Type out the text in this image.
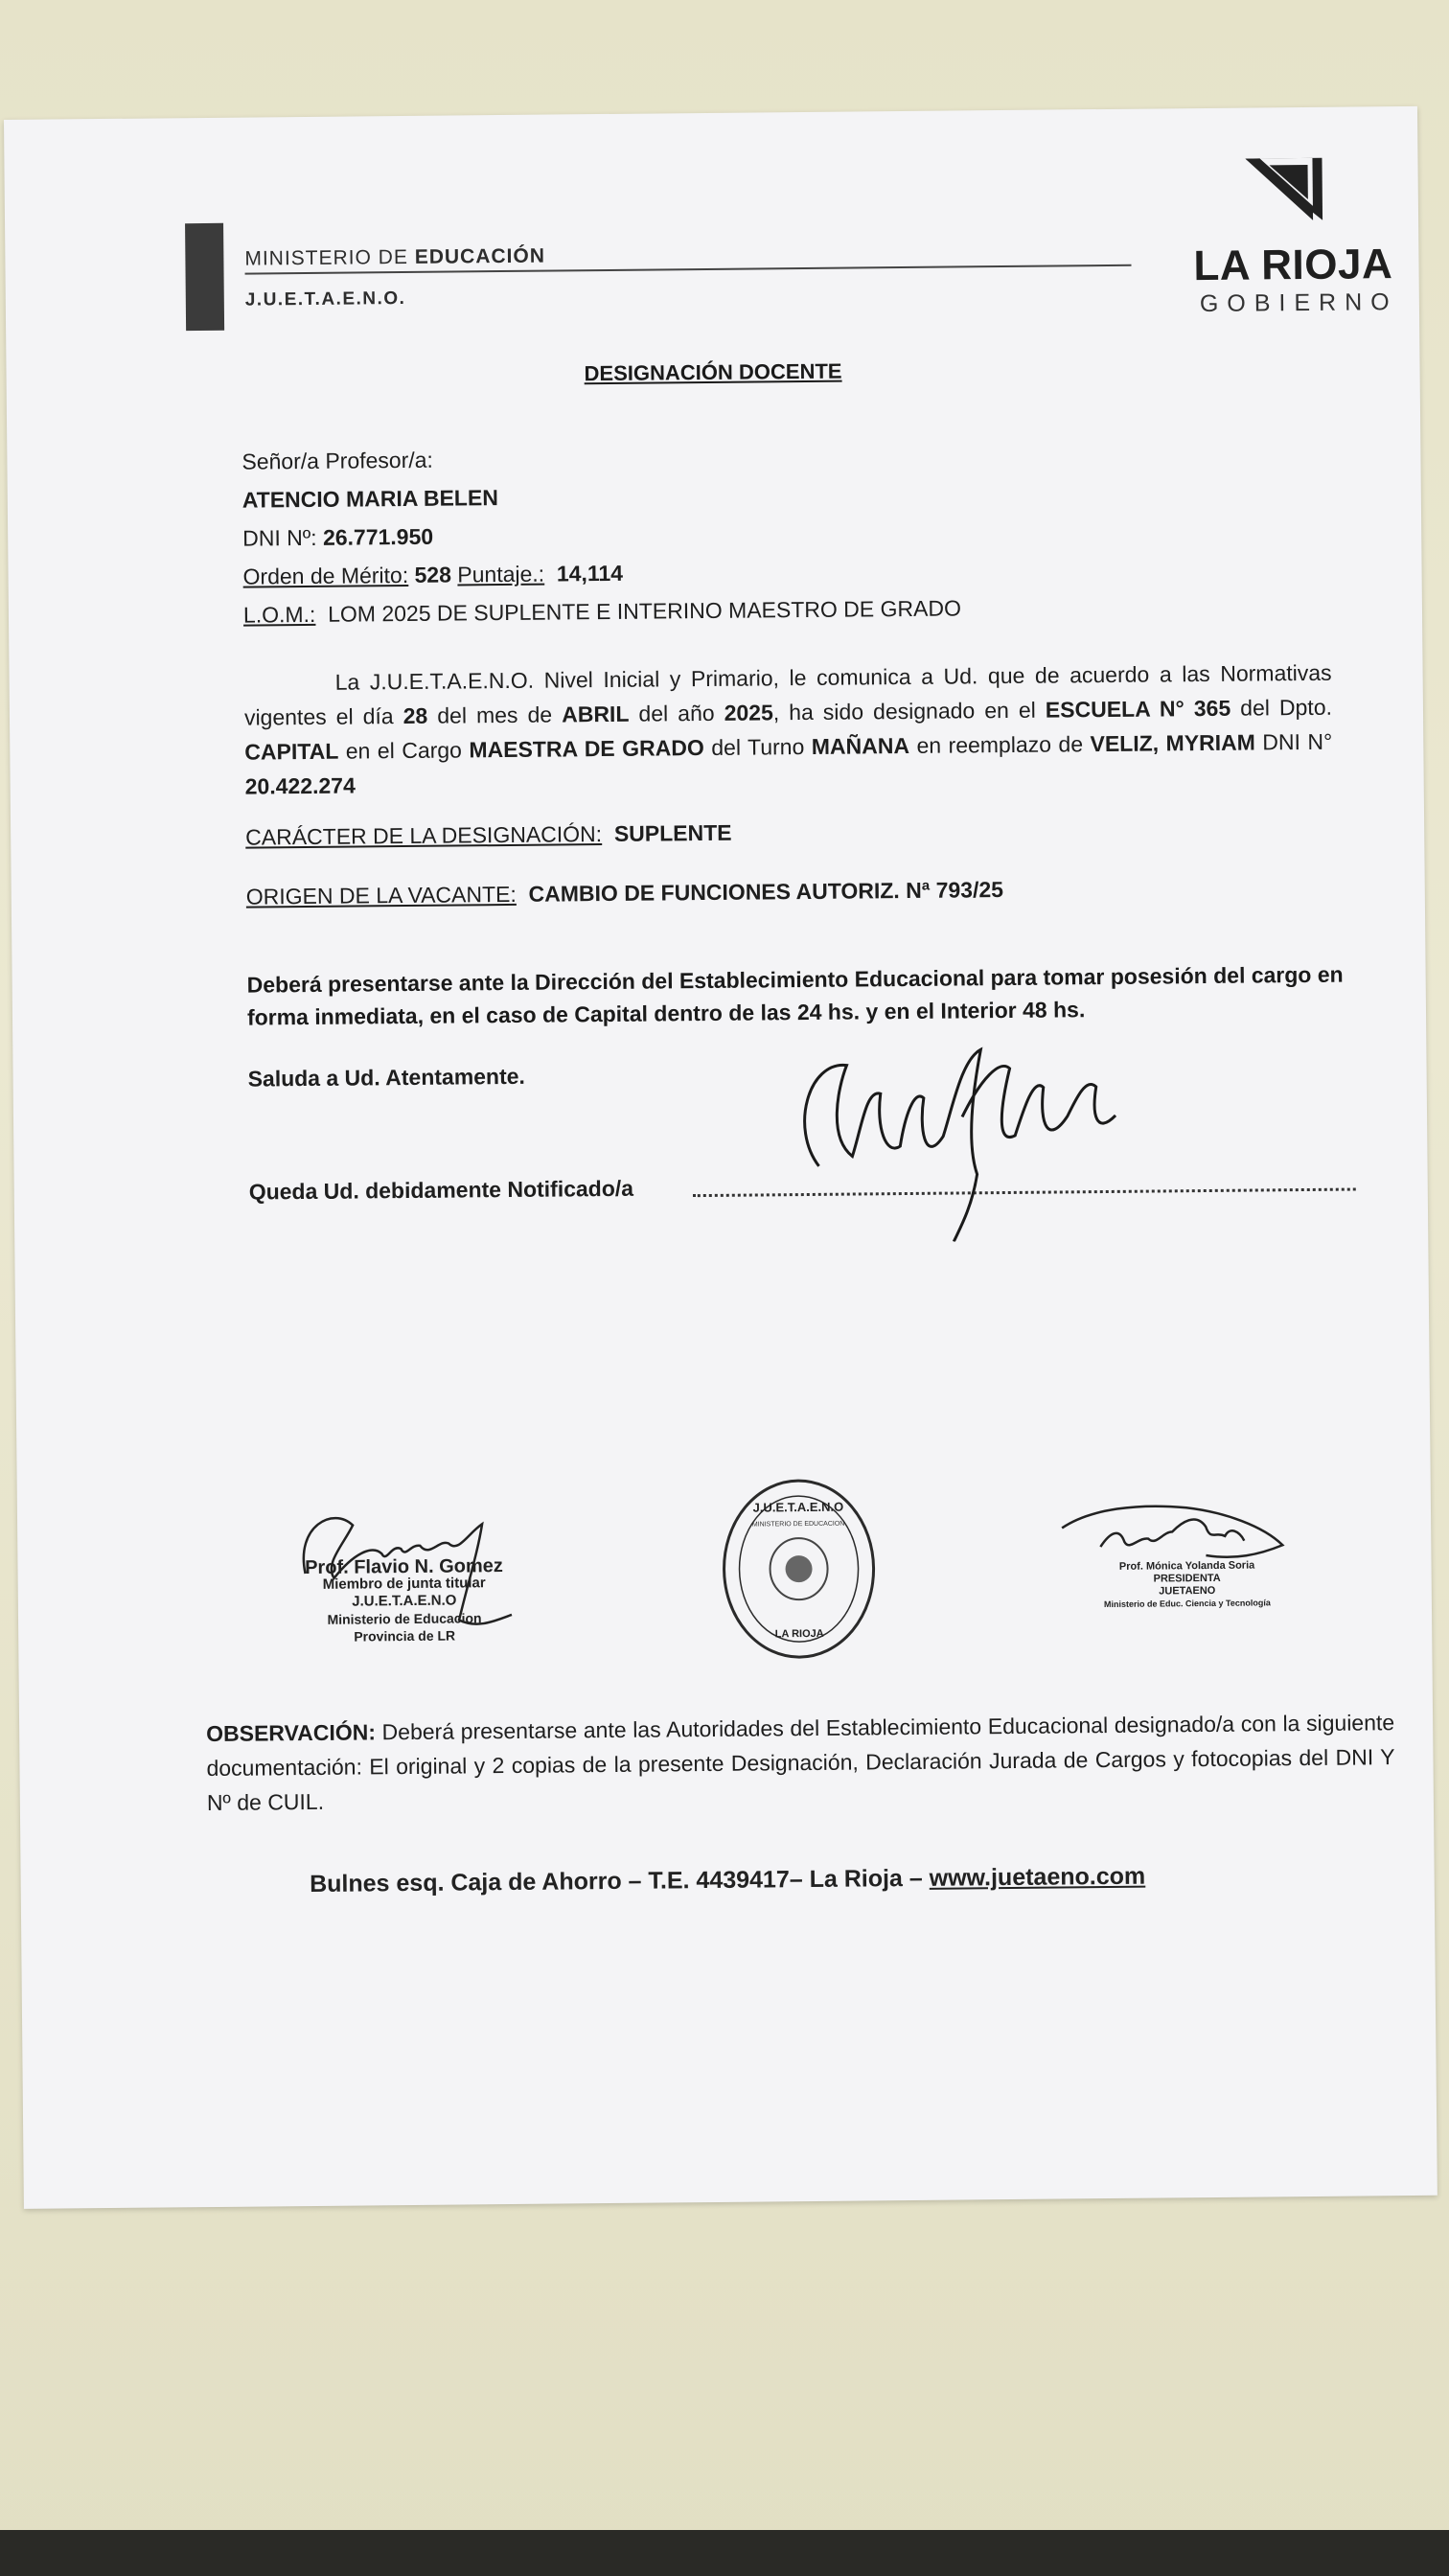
MINISTERIO DE EDUCACIÓN
J.U.E.T.A.E.N.O.
LA RIOJA
GOBIERNO
DESIGNACIÓN DOCENTE
Señor/a Profesor/a:
ATENCIO MARIA BELEN
DNI Nº: 26.771.950
Orden de Mérito: 528 Puntaje.: 14,114
L.O.M.: LOM 2025 DE SUPLENTE E INTERINO MAESTRO DE GRADO
La J.U.E.T.A.E.N.O. Nivel Inicial y Primario, le comunica a Ud. que de acuerdo a las Normativas vigentes el día 28 del mes de ABRIL del año 2025, ha sido designado en el ESCUELA N° 365 del Dpto. CAPITAL en el Cargo MAESTRA DE GRADO del Turno MAÑANA en reemplazo de VELIZ, MYRIAM DNI N° 20.422.274
CARÁCTER DE LA DESIGNACIÓN: SUPLENTE
ORIGEN DE LA VACANTE: CAMBIO DE FUNCIONES AUTORIZ. Nª 793/25
Deberá presentarse ante la Dirección del Establecimiento Educacional para tomar posesión del cargo en forma inmediata, en el caso de Capital dentro de las 24 hs. y en el Interior 48 hs.
Saluda a Ud. Atentamente.
Queda Ud. debidamente Notificado/a
Prof. Flavio N. Gomez
Miembro de junta titular
J.U.E.T.A.E.N.O
Ministerio de Educacion
Provincia de LR
J.U.E.T.A.E.N.O
MINISTERIO DE EDUCACION
LA RIOJA
Prof. Mónica Yolanda Soria
PRESIDENTA
JUETAENO
Ministerio de Educ. Ciencia y Tecnología
OBSERVACIÓN: Deberá presentarse ante las Autoridades del Establecimiento Educacional designado/a con la siguiente documentación: El original y 2 copias de la presente Designación, Declaración Jurada de Cargos y fotocopias del DNI Y Nº de CUIL.
Bulnes esq. Caja de Ahorro – T.E. 4439417– La Rioja – www.juetaeno.com
